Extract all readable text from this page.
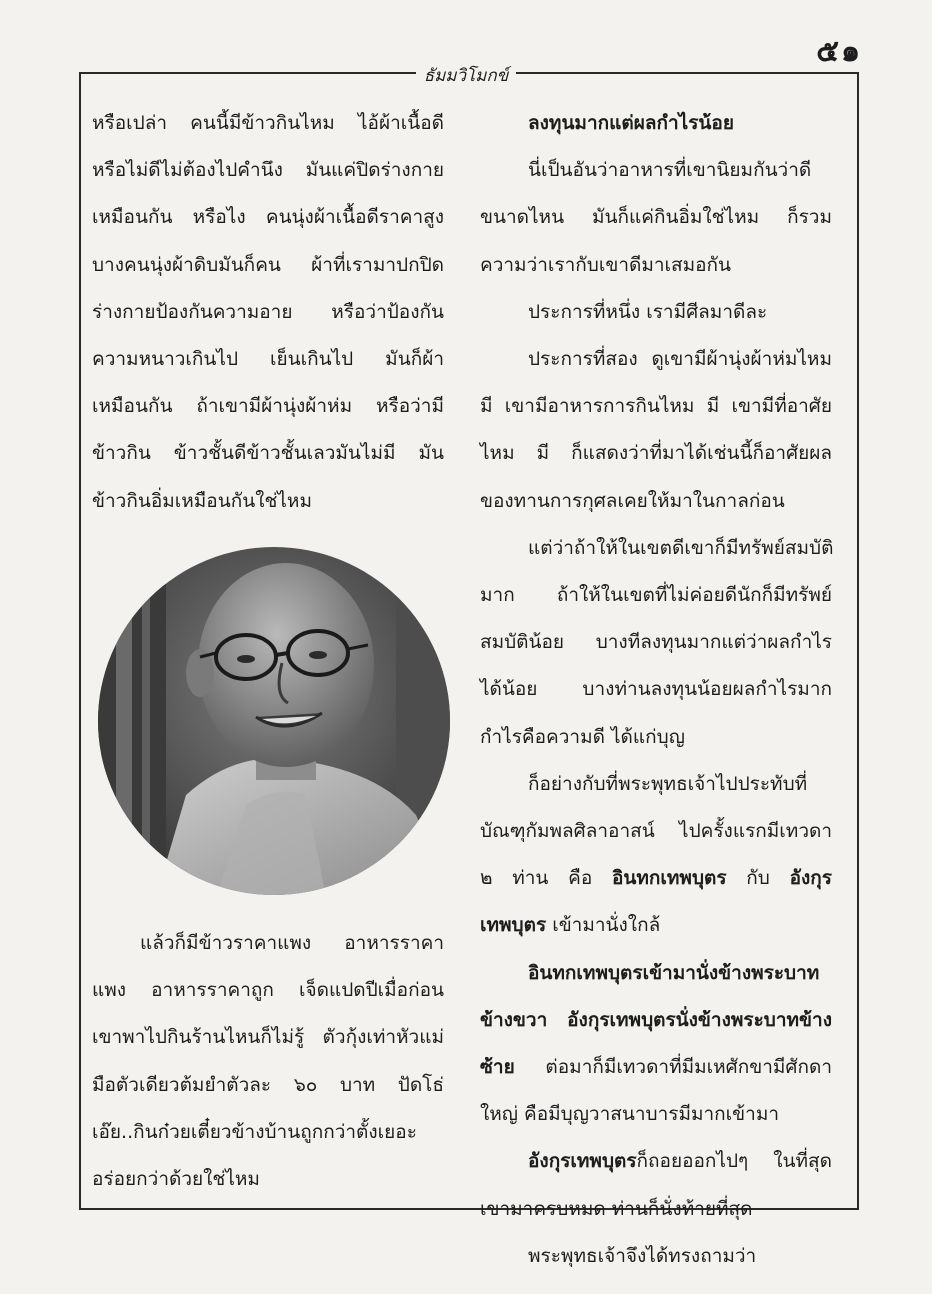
๕๑
ธัมมวิโมกข์
หรือเปล่า คนนี้มีข้าวกินไหม ไอ้ผ้าเนื้อดี
หรือไม่ดีไม่ต้องไปคำนึง มันแค่ปิดร่างกาย
เหมือนกัน หรือไง คนนุ่งผ้าเนื้อดีราคาสูง
บางคนนุ่งผ้าดิบมันก็คน ผ้าที่เรามาปกปิด
ร่างกายป้องกันความอาย หรือว่าป้องกัน
ความหนาวเกินไป เย็นเกินไป มันก็ผ้า
เหมือนกัน ถ้าเขามีผ้านุ่งผ้าห่ม หรือว่ามี
ข้าวกิน ข้าวชั้นดีข้าวชั้นเลวมันไม่มี มัน
ข้าวกินอิ่มเหมือนกันใช่ไหม
แล้วก็มีข้าวราคาแพง อาหารราคา
แพง อาหารราคาถูก เจ็ดแปดปีเมื่อก่อน
เขาพาไปกินร้านไหนก็ไม่รู้ ตัวกุ้งเท่าหัวแม่
มือตัวเดียวต้มยำตัวละ ๖๐ บาท ปัดโธ่
เอ๊ย..กินก๋วยเตี๋ยวข้างบ้านถูกกว่าตั้งเยอะ
อร่อยกว่าด้วยใช่ไหม
ลงทุนมากแต่ผลกำไรน้อย
นี่เป็นอันว่าอาหารที่เขานิยมกันว่าดี
ขนาดไหน มันก็แค่กินอิ่มใช่ไหม ก็รวม
ความว่าเรากับเขาดีมาเสมอกัน
ประการที่หนึ่ง เรามีศีลมาดีละ
ประการที่สอง ดูเขามีผ้านุ่งผ้าห่มไหม
มี เขามีอาหารการกินไหม มี เขามีที่อาศัย
ไหม มี ก็แสดงว่าที่มาได้เช่นนี้ก็อาศัยผล
ของทานการกุศลเคยให้มาในกาลก่อน
แต่ว่าถ้าให้ในเขตดีเขาก็มีทรัพย์สมบัติ
มาก ถ้าให้ในเขตที่ไม่ค่อยดีนักก็มีทรัพย์
สมบัติน้อย บางทีลงทุนมากแต่ว่าผลกำไร
ได้น้อย บางท่านลงทุนน้อยผลกำไรมาก
กำไรคือความดี ได้แก่บุญ
ก็อย่างกับที่พระพุทธเจ้าไปประทับที่
บัณฑุกัมพลศิลาอาสน์ ไปครั้งแรกมีเทวดา
๒ ท่าน คือ อินทกเทพบุตร กับ อังกุร
เทพบุตร เข้ามานั่งใกล้
อินทกเทพบุตรเข้ามานั่งข้างพระบาท
ข้างขวา อังกุรเทพบุตรนั่งข้างพระบาทข้าง
ซ้าย ต่อมาก็มีเทวดาที่มีมเหศักขามีศักดา
ใหญ่ คือมีบุญวาสนาบารมีมากเข้ามา
อังกุรเทพบุตรก็ถอยออกไปๆ ในที่สุด
เขามาครบหมด ท่านก็นั่งท้ายที่สุด
พระพุทธเจ้าจึงได้ทรงถามว่า
